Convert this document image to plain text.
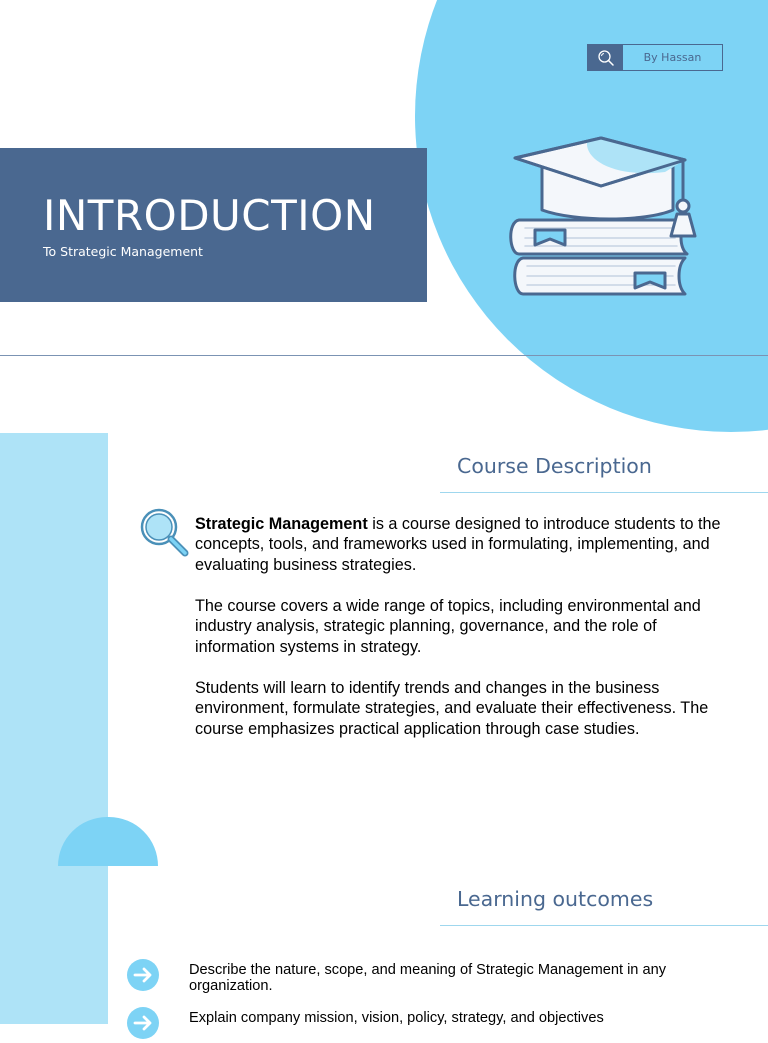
By Hassan
INTRODUCTION
To Strategic Management
Course Description

Strategic Management is a course designed to introduce students to the concepts, tools, and frameworks used in formulating, implementing, and evaluating business strategies.

The course covers a wide range of topics, including environmental and industry analysis, strategic planning, governance, and the role of information systems in strategy.

Students will learn to identify trends and changes in the business environment, formulate strategies, and evaluate their effectiveness. The course emphasizes practical application through case studies.

Learning outcomes
Describe the nature, scope, and meaning of Strategic Management in any organization.
Explain company mission, vision, policy, strategy, and objectives
